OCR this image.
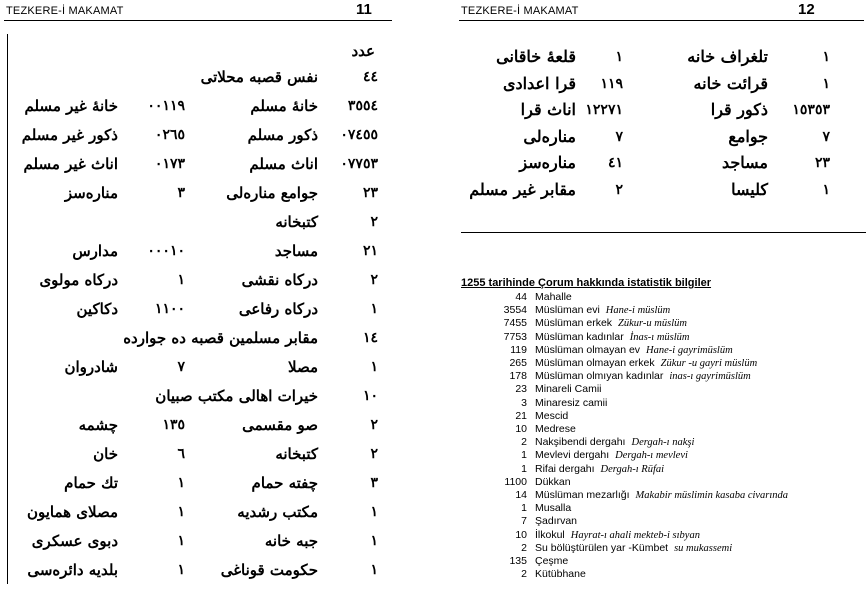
TEZKERE-İ MAKAMAT	11
عدد
٤٤
نفس قصبه محلاتى
٣٥٥٤
خانۀ مسلم
٠٠١١٩
خانۀ غير مسلم
٠٧٤٥٥
ذكور مسلم
٠٢٦٥
ذكور غير مسلم
٠٧٧٥٣
اناث مسلم
٠١٧٣
اناث غير مسلم
٢٣
جوامع منارەلى
٣
منارەسز
٢
كتبخانه
٢١
مساجد
٠٠٠١٠
مدارس
٢
دركاه نقشى
١
دركاه مولوى
١
دركاه رفاعى
١١٠٠
دكاكين
١٤
مقابر مسلمين قصبه دە جوارده
١
مصلا
٧
شادروان
١٠
خيرات اهالى مكتب صبيان
٢
صو مقسمى
١٣٥
چشمه
٢
كتبخانه
٦
خان
٣
چفته حمام
١
تك حمام
١
مكتب رشديه
١
مصلاى همايون
١
جبه خانه
١
دبوى عسكرى
١
حكومت قوناغى
١
بلديه دائرەسى
TEZKERE-İ MAKAMAT	12
١
تلغراف خانه
١
قلعۀ خاقانى
١
قرائت خانه
١١٩
قرا اعدادى
١٥٣٥٣
ذكور قرا
١٢٢٧١
اناث قرا
٧
جوامع
٧
منارەلى
٢٣
مساجد
٤١
منارەسز
١
كليسا
٢
مقابر غير مسلم
1255 tarihinde Çorum hakkında istatistik bilgiler
44 Mahalle
3554 Müslüman evi Hane-i müslüm
7455 Müslüman erkek Zükur-u müslüm
7753 Müslüman kadınlar İnas-ı müslüm
119 Müslüman olmayan ev Hane-i gayrimüslüm
265 Müslüman olmayan erkek Zükur -u gayri müslüm
178 Müslüman olmıyan kadınlar inas-ı gayrimüslüm
23 Minareli Camii
3 Minaresiz camii
21 Mescid
10 Medrese
2 Nakşibendi dergahı Dergah-ı nakşi
1 Mevlevi dergahı Dergah-ı mevlevi
1 Rifai dergahı Dergah-ı Rüfai
1100 Dükkan
14 Müslüman mezarlığı Makabir müslimin kasaba civarında
1 Musalla
7 Şadırvan
10 İlkokul Hayrat-ı ahali mekteb-i sıbyan
2 Su bölüştürülen yar -Kümbet su mukassemi
135 Çeşme
2 Kütübhane
